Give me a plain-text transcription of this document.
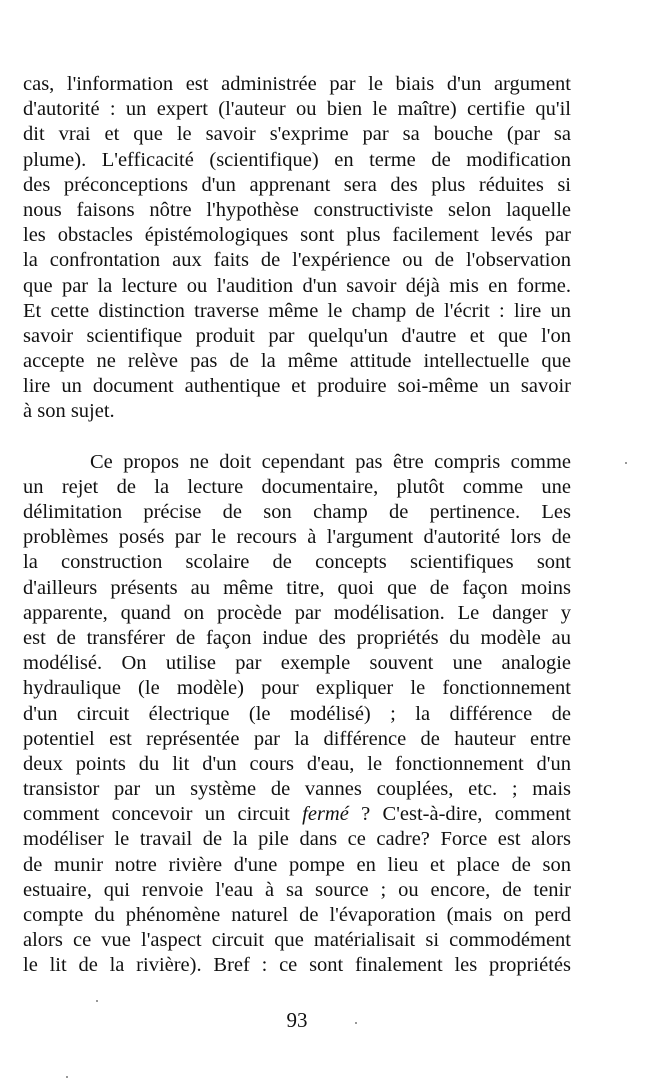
cas, l'information est administrée par le biais d'un argument
d'autorité : un expert (l'auteur ou bien le maître) certifie qu'il
dit vrai et que le savoir s'exprime par sa bouche (par sa
plume). L'efficacité (scientifique) en terme de modification
des préconceptions d'un apprenant sera des plus réduites si
nous faisons nôtre l'hypothèse constructiviste selon laquelle
les obstacles épistémologiques sont plus facilement levés par
la confrontation aux faits de l'expérience ou de l'observation
que par la lecture ou l'audition d'un savoir déjà mis en forme.
Et cette distinction traverse même le champ de l'écrit : lire un
savoir scientifique produit par quelqu'un d'autre et que l'on
accepte ne relève pas de la même attitude intellectuelle que
lire un document authentique et produire soi-même un savoir
à son sujet.
Ce propos ne doit cependant pas être compris comme
un rejet de la lecture documentaire, plutôt comme une
délimitation précise de son champ de pertinence. Les
problèmes posés par le recours à l'argument d'autorité lors de
la construction scolaire de concepts scientifiques sont
d'ailleurs présents au même titre, quoi que de façon moins
apparente, quand on procède par modélisation. Le danger y
est de transférer de façon indue des propriétés du modèle au
modélisé. On utilise par exemple souvent une analogie
hydraulique (le modèle) pour expliquer le fonctionnement
d'un circuit électrique (le modélisé) ; la différence de
potentiel est représentée par la différence de hauteur entre
deux points du lit d'un cours d'eau, le fonctionnement d'un
transistor par un système de vannes couplées, etc. ; mais
comment concevoir un circuit fermé ? C'est-à-dire, comment
modéliser le travail de la pile dans ce cadre? Force est alors
de munir notre rivière d'une pompe en lieu et place de son
estuaire, qui renvoie l'eau à sa source ; ou encore, de tenir
compte du phénomène naturel de l'évaporation (mais on perd
alors ce vue l'aspect circuit que matérialisait si commodément
le lit de la rivière). Bref : ce sont finalement les propriétés
93
